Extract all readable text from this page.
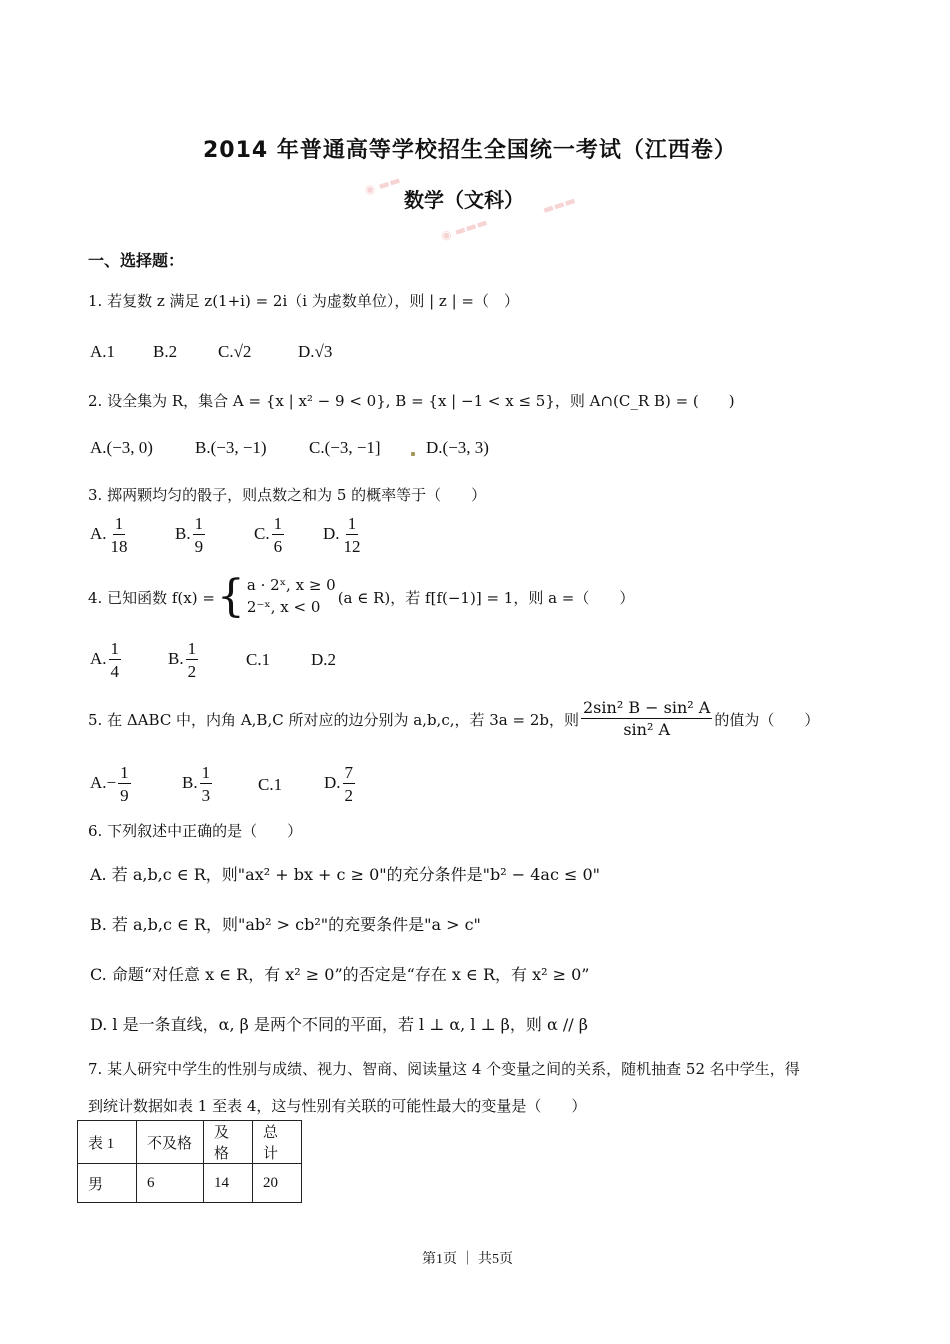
◉ ▬▬
▬▬▬
◉ ▬▬▬
2014 年普通高等学校招生全国统一考试（江西卷）
数学（文科）
一、选择题：
1. 若复数 z 满足 z(1+i) = 2i（i 为虚数单位），则 | z | =（　）
A.1 B.2 C.√2	D.√3
2. 设全集为 R，集合 A = {x | x² − 9 < 0}, B = {x | −1 < x ≤ 5}，则 A∩(C_R B) = (　　)
A.(−3, 0) B.(−3, −1) C.(−3, −1]	D.(−3, 3)
3. 掷两颗均匀的骰子，则点数之和为 5 的概率等于（　　）
A. $\frac{1}{18}$	B. $\frac{1}{9}$	C. $\frac{1}{6} D$. $\frac{1}{12}$
4. 已知函数 f(x) = { a · 2ˣ, x ≥ 0
2⁻ˣ, x < 0
(a ∈ R)，若 f[f(−1)] = 1，则 a =（　　）
A. $\frac{1}{4}$	B. $\frac{1}{2}$	C.1 D.2
5. 在 ΔABC 中，内角 A,B,C 所对应的边分别为 a,b,c,，若 3a = 2b，则 $\frac{\text{2sin² B − sin² A}}{\text{sin² A}}$ 的值为（　　）
$A.- \frac{1}{9}$	B. $\frac{1}{3}$	C.1 D. $\frac{7}{2}$
6. 下列叙述中正确的是（　　）
A. 若 a,b,c ∈ R，则"ax² + bx + c ≥ 0"的充分条件是"b² − 4ac ≤ 0"
B. 若 a,b,c ∈ R，则"ab² > cb²"的充要条件是"a > c"
C. 命题“对任意 x ∈ R，有 x² ≥ 0”的否定是“存在 x ∈ R，有 x² ≥ 0”
D. l 是一条直线，α, β 是两个不同的平面，若 l ⊥ α, l ⊥ β，则 α // β
7. 某人研究中学生的性别与成绩、视力、智商、阅读量这 4 个变量之间的关系，随机抽查 52 名中学生，得
到统计数据如表 1 至表 4，这与性别有关联的可能性最大的变量是（　　）
表 1	不及格	及格	总计
男	6	14	20
第1页 ｜ 共5页
